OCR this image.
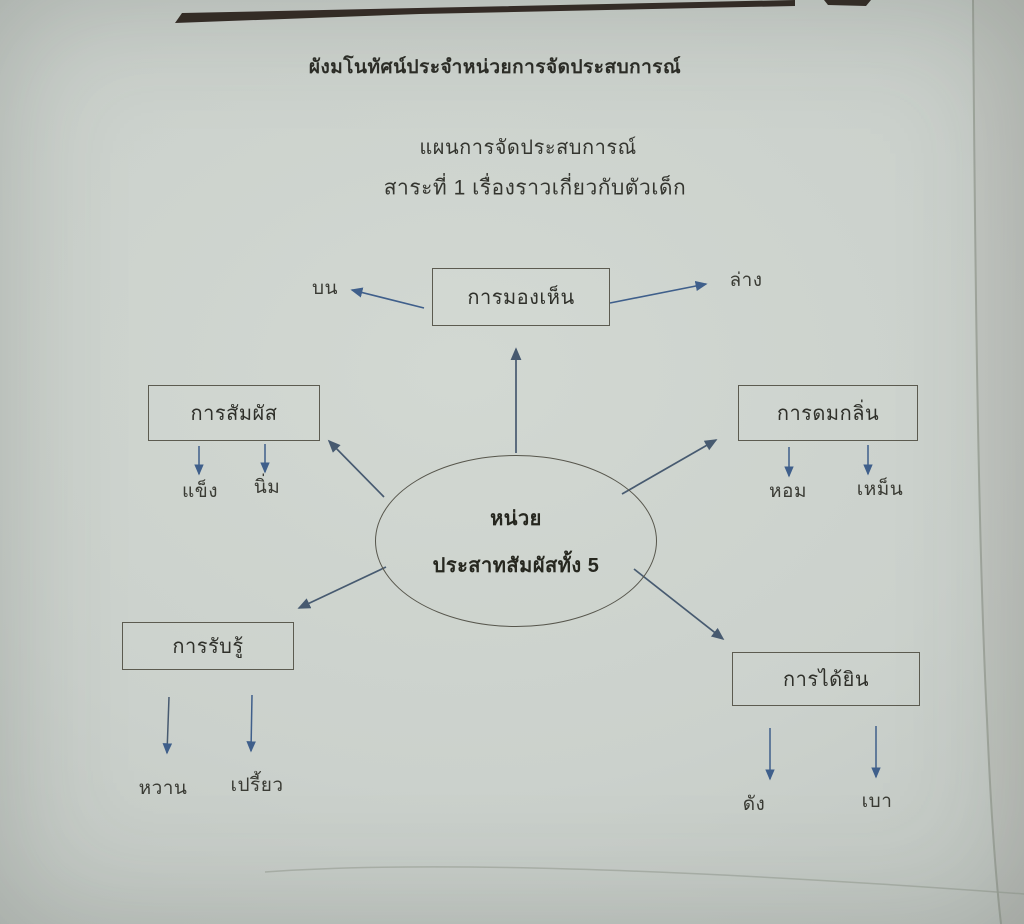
ผังมโนทัศน์ประจำหน่วยการจัดประสบการณ์
แผนการจัดประสบการณ์
สาระที่ 1 เรื่องราวเกี่ยวกับตัวเด็ก
หน่วย
ประสาทสัมผัสทั้ง 5
การมองเห็น
การสัมผัส	การดมกลิ่น
การรับรู้
การได้ยิน
บน	ล่าง
แข็ง นิ่ม	หอม	เหม็น
หวาน เปรี้ยว
ดัง	เบา
